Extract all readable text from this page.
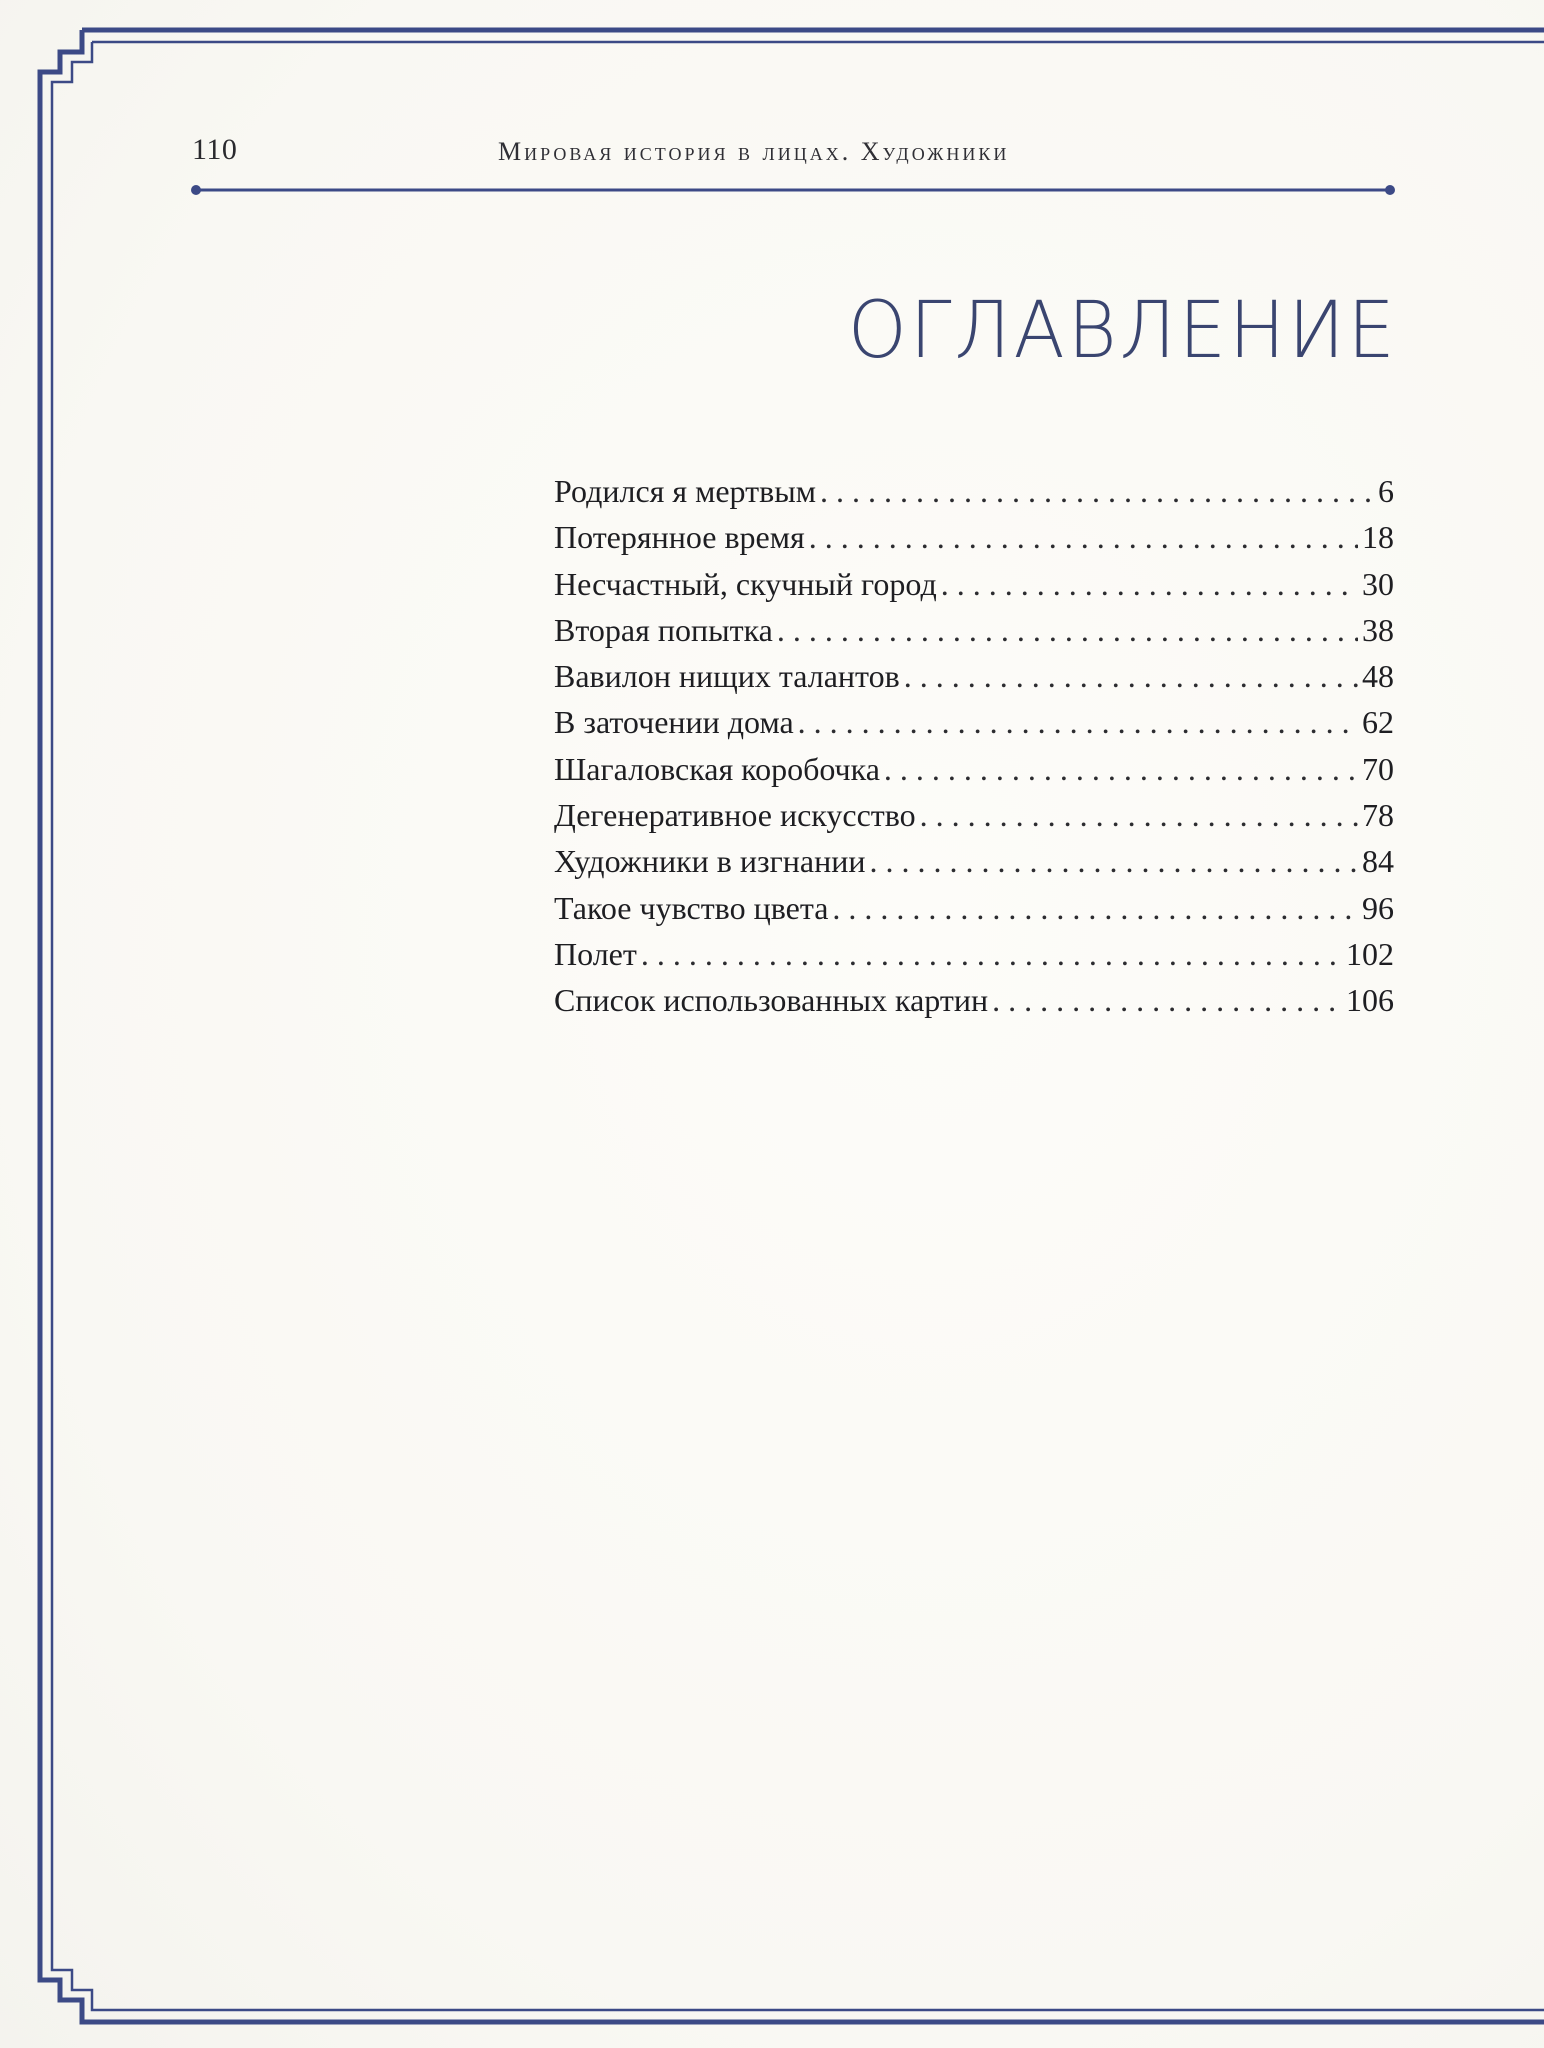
110	Мировая история в лицах. Художники
ОГЛАВЛЕНИЕ
Родился я мертвым . . .	6
Потерянное время . . .	18
Несчастный, скучный город . . .	30
Вторая попытка . . .	38
Вавилон нищих талантов . . .	48
В заточении дома . . .	62
Шагаловская коробочка . . .	70
Дегенеративное искусство . . .	78
Художники в изгнании . . .	84
Такое чувство цвета . . .	96
Полет . . .	102
Список использованных картин . . .	106
